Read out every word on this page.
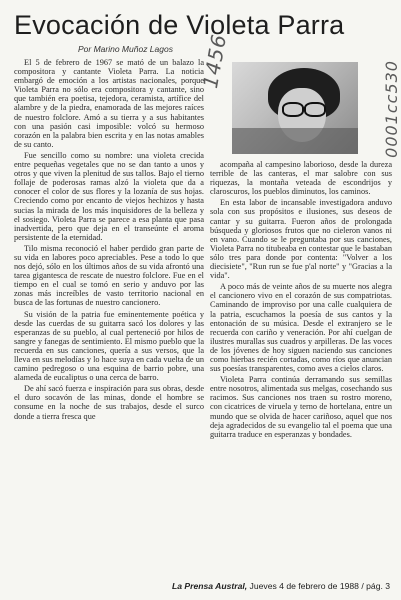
Evocación de Violeta Parra
Por Marino Muñoz Lagos 1456	0001cc530

El 5 de febrero de 1967 se mató de un balazo la compositora y cantante Violeta Parra. La noticia embargó de emoción a los artistas nacionales, porque Violeta Parra no sólo era compositora y cantante, sino que también era poetisa, tejedora, ceramista, artífice del alambre y de la piedra, enamorada de las mejores raíces de nuestro folclore. Amó a su tierra y a sus habitantes con una pasión casi imposible: volcó su hermoso corazón en la palabra bien escrita y en las notas amables de su canto.

Fue sencillo como su nombre: una violeta crecida entre pequeñas vegetales que no se dan tanto a unos y otros y que viven la plenitud de sus tallos. Bajo el tierno follaje de poderosas ramas alzó la violeta que da a conocer el color de sus flores y la lozanía de sus hojas. Creciendo como por encanto de viejos hechizos y hasta sucias la mirada de los más inquisidores de la belleza y el sosiego. Violeta Parra se parece a esa planta que pasa inadvertida, pero que deja en el transeúnte el aroma persistente de la eternidad.

Tilo misma reconoció el haber perdido gran parte de su vida en labores poco apreciables. Pese a todo lo que nos dejó, sólo en los últimos años de su vida afrontó una tarea gigantesca de rescate de nuestro folclore. Fue en el tiempo en el cual se tomó en serio y anduvo por las zonas más increíbles de vasto territorio nacional en busca de las fortunas de nuestro cancionero.

Su visión de la patria fue eminentemente poética y desde las cuerdas de su guitarra sacó los dolores y las esperanzas de su pueblo, al cual perteneció por hilos de sangre y fanegas de sentimiento. El mismo pueblo que la recuerda en sus canciones, quería a sus versos, que la lleva en sus melodías y lo hace suya en cada vuelta de un camino pedregoso o una esquina de barrio pobre, una alameda de eucaliptus o una cerca de barro.

De ahí sacó fuerza e inspiración para sus obras, desde el duro socavón de las minas, donde el hombre se consume en la noche de sus trabajos, desde el surco donde a tierra fresca que

acompaña al campesino laborioso, desde la dureza terrible de las canteras, el mar salobre con sus riquezas, la montaña veteada de escondrijos y claroscuros, los pueblos diminutos, los caminos.

En esta labor de incansable investigadora anduvo sola con sus propósitos e ilusiones, sus deseos de cantar y su guitarra. Fueron años de prolongada búsqueda y gloriosos frutos que no cieleron vanos ni en vano. Cuando se le preguntaba por sus canciones, Violeta Parra no titubeaba en contestar que le bastaban sólo tres para donde por contenta: "Volver a los diecisiete", "Run run se fue p'al norte" y "Gracias a la vida".

A poco más de veinte años de su muerte nos alegra el cancionero vivo en el corazón de sus compatriotas. Caminando de improviso por una calle cualquiera de la patria, escuchamos la poesía de sus cantos y la entonación de su música. Desde el extranjero se le recuerda con cariño y veneración. Por ahí cuelgan de ilustres murallas sus cuadros y arpilleras. De las voces de los jóvenes de hoy siguen naciendo sus canciones como hierbas recién cortadas, como ríos que anuncian sus poesías transparentes, como aves a cielos claros.

Violeta Parra continúa derramando sus semillas entre nosotros, alimentada sus melgas, cosechando sus racimos. Sus canciones nos traen su rostro moreno, con cicatrices de viruela y terno de hortelana, entre un mundo que se olvida de hacer cariñoso, aquel que nos deja agradecidos de su evangelio tal el poema que una guitarra traduce en esperanzas y bondades.

La Prensa Austral, Jueves 4 de febrero de 1988 / pág. 3
